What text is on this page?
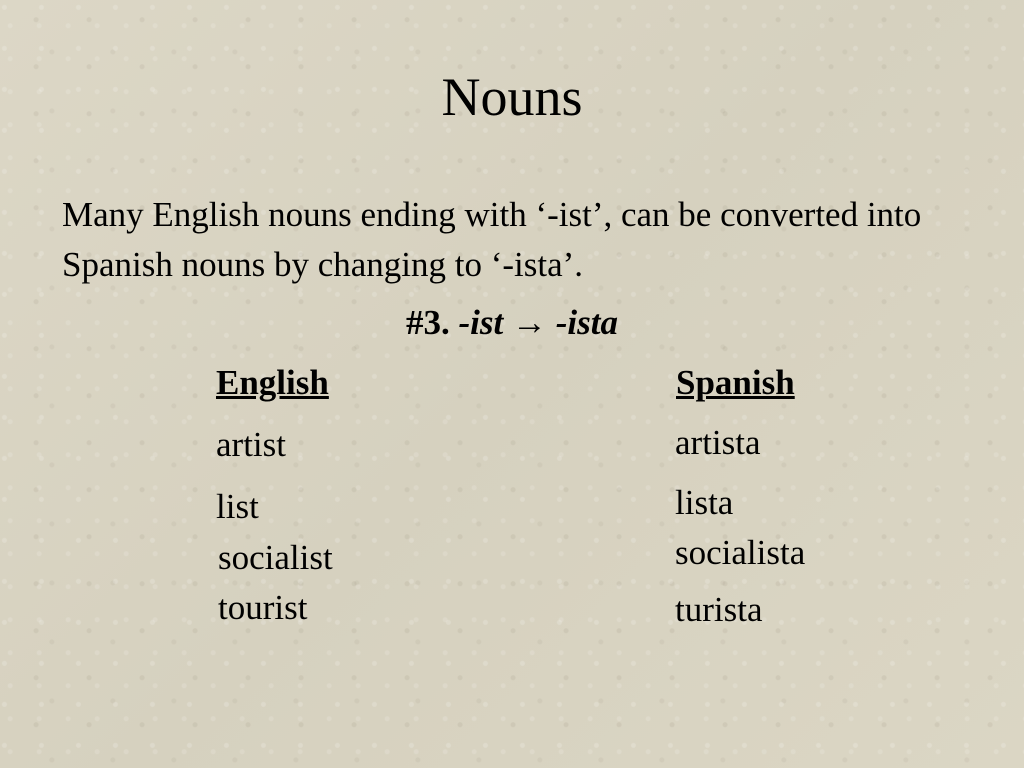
Nouns
Many English nouns ending with ‘-ist’, can be converted into Spanish nouns by changing to ‘-ista’.
#3. -ist → -ista
English	Spanish
artist
list
socialist
tourist
artista
lista
socialista
turista
